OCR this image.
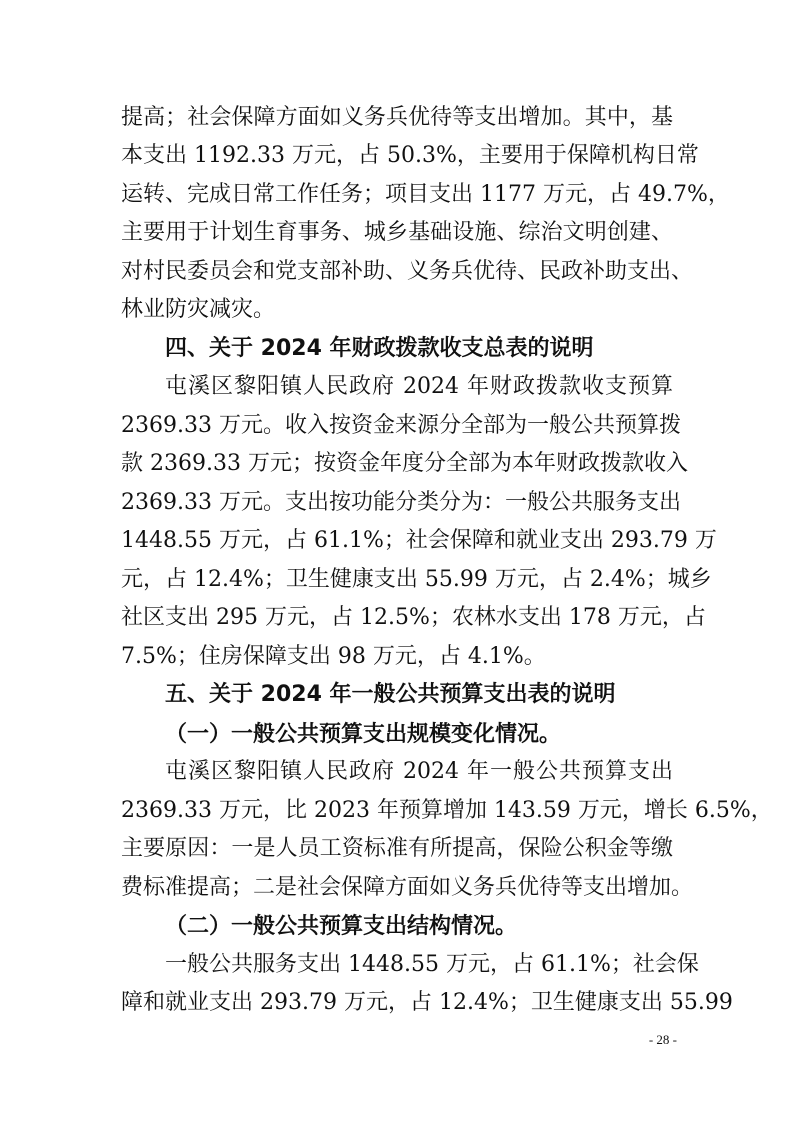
提高；社会保障方面如义务兵优待等支出增加。其中，基
本支出 1192.33 万元，占 50.3%，主要用于保障机构日常
运转、完成日常工作任务；项目支出 1177 万元，占 49.7%，
主要用于计划生育事务、城乡基础设施、综治文明创建、
对村民委员会和党支部补助、义务兵优待、民政补助支出、
林业防灾减灾。
四、关于 2024 年财政拨款收支总表的说明
屯溪区黎阳镇人民政府 2024 年财政拨款收支预算
2369.33 万元。收入按资金来源分全部为一般公共预算拨
款 2369.33 万元；按资金年度分全部为本年财政拨款收入
2369.33 万元。支出按功能分类分为：一般公共服务支出
1448.55 万元，占 61.1%；社会保障和就业支出 293.79 万
元，占 12.4%；卫生健康支出 55.99 万元，占 2.4%；城乡
社区支出 295 万元，占 12.5%；农林水支出 178 万元，占
7.5%；住房保障支出 98 万元，占 4.1%。
五、关于 2024 年一般公共预算支出表的说明
（一）一般公共预算支出规模变化情况。
屯溪区黎阳镇人民政府 2024 年一般公共预算支出
2369.33 万元，比 2023 年预算增加 143.59 万元，增长 6.5%，
主要原因：一是人员工资标准有所提高，保险公积金等缴
费标准提高；二是社会保障方面如义务兵优待等支出增加。
（二）一般公共预算支出结构情况。
一般公共服务支出 1448.55 万元，占 61.1%；社会保
障和就业支出 293.79 万元，占 12.4%；卫生健康支出 55.99
- 28 -
